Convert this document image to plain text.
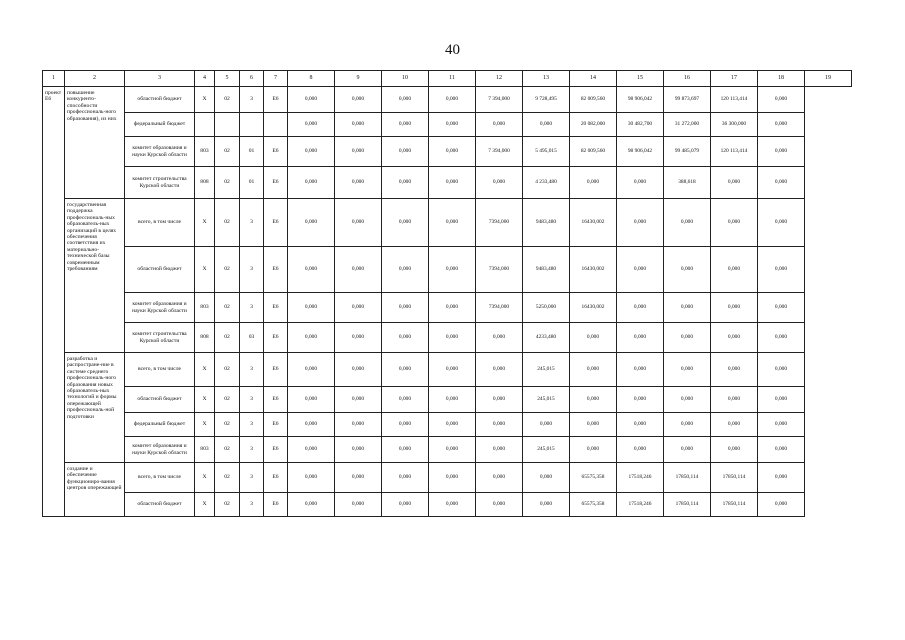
40
1	2	3	4	5	6	7	8	9	10	11	12	13	14	15	16	17	18	19
проект Е6	повышение конкуренто-способности профессиональ-ного образования), из них	областной бюджет	Х	02	3	Е6	0,000	0,000	0,000	0,000	7 394,000	9 728,495	82 009,560	98 906,042	99 873,697	120 113,414	0,000	
		федеральный бюджет					0,000	0,000	0,000	0,000	0,000	0,000	20 082,000	30 482,700	31 272,000	36 300,000	0,000	
		комитет образования и науки Курской области	803	02	01	Е6	0,000	0,000	0,000	0,000	7 394,000	5 495,015	82 009,560	98 906,042	99 485,079	120 113,414	0,000	
		комитет строительства Курской области	808	02	01	Е6	0,000	0,000	0,000	0,000	0,000	4 233,480	0,000	0,000	388,618	0,000	0,000	
	государственная поддержка профессиональ-ных образователь-ных организаций в целях обеспечения соответствия их материально-технической базы современным требованиям	всего, в том числе	Х	02	3	Е6	0,000	0,000	0,000	0,000	7394,000	9483,480	16430,002	0,000	0,000	0,000	0,000	
		областной бюджет	Х	02	3	Е6	0,000	0,000	0,000	0,000	7394,000	9483,480	16430,002	0,000	0,000	0,000	0,000	
		комитет образования и науки Курской области	803	02	3	Е6	0,000	0,000	0,000	0,000	7394,000	5250,000	16430,002	0,000	0,000	0,000	0,000	
		комитет строительства Курской области	808	02	03	Е6	0,000	0,000	0,000	0,000	0,000	4233,480	0,000	0,000	0,000	0,000	0,000	
	разработка и распростране-ние в системе среднего профессиональ-ного образования новых образователь-ных технологий и формы опережающей профессиональ-ной подготовки	всего, в том числе	Х	02	3	Е6	0,000	0,000	0,000	0,000	0,000	245,015	0,000	0,000	0,000	0,000	0,000	
		областной бюджет	Х	02	3	Е6	0,000	0,000	0,000	0,000	0,000	245,015	0,000	0,000	0,000	0,000	0,000	
		федеральный бюджет	Х	02	3	Е6	0,000	0,000	0,000	0,000	0,000	0,000	0,000	0,000	0,000	0,000	0,000	
		комитет образования и науки Курской области	803	02	3	Е6	0,000	0,000	0,000	0,000	0,000	245,015	0,000	0,000	0,000	0,000	0,000	
	создание и обеспечение функциониро-вания центров опережающей	всего, в том числе	Х	02	3	Е6	0,000	0,000	0,000	0,000	0,000	0,000	65575,358	17518,246	17850,114	17850,114	0,000	
		областной бюджет	Х	02	3	Е6	0,000	0,000	0,000	0,000	0,000	0,000	65575,358	17518,246	17850,114	17850,114	0,000	
